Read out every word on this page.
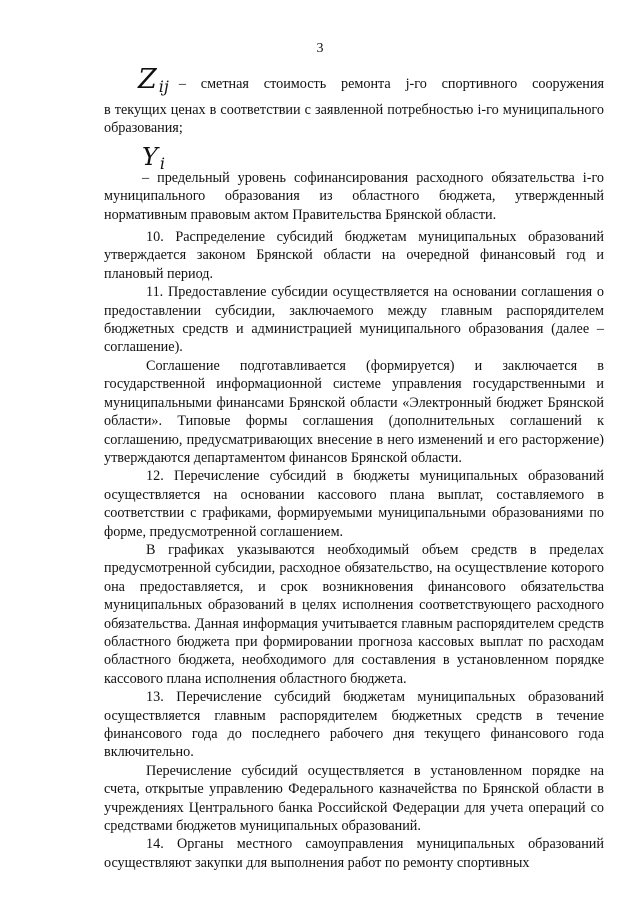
3
Z $_{ij}$ – сметная стоимость ремонта j-го спортивного сооружения

в текущих ценах в соответствии с заявленной потребностью i-го муниципального образования;

Y $_i$

– предельный уровень софинансирования расходного обязательства i-го муниципального образования из областного бюджета, утвержденный нормативным правовым актом Правительства Брянской области.

10. Распределение субсидий бюджетам муниципальных образований утверждается законом Брянской области на очередной финансовый год и плановый период.

11. Предоставление субсидии осуществляется на основании соглашения о предоставлении субсидии, заключаемого между главным распорядителем бюджетных средств и администрацией муниципального образования (далее – соглашение).

Соглашение подготавливается (формируется) и заключается в государственной информационной системе управления государственными и муниципальными финансами Брянской области «Электронный бюджет Брянской области». Типовые формы соглашения (дополнительных соглашений к соглашению, предусматривающих внесение в него изменений и его расторжение) утверждаются департаментом финансов Брянской области.

12. Перечисление субсидий в бюджеты муниципальных образований осуществляется на основании кассового плана выплат, составляемого в соответствии с графиками, формируемыми муниципальными образованиями по форме, предусмотренной соглашением.

В графиках указываются необходимый объем средств в пределах предусмотренной субсидии, расходное обязательство, на осуществление которого она предоставляется, и срок возникновения финансового обязательства муниципальных образований в целях исполнения соответствующего расходного обязательства. Данная информация учитывается главным распорядителем средств областного бюджета при формировании прогноза кассовых выплат по расходам областного бюджета, необходимого для составления в установленном порядке кассового плана исполнения областного бюджета.

13. Перечисление субсидий бюджетам муниципальных образований осуществляется главным распорядителем бюджетных средств в течение финансового года до последнего рабочего дня текущего финансового года включительно.

Перечисление субсидий осуществляется в установленном порядке на счета, открытые управлению Федерального казначейства по Брянской области в учреждениях Центрального банка Российской Федерации для учета операций со средствами бюджетов муниципальных образований.

14. Органы местного самоуправления муниципальных образований осуществляют закупки для выполнения работ по ремонту спортивных
